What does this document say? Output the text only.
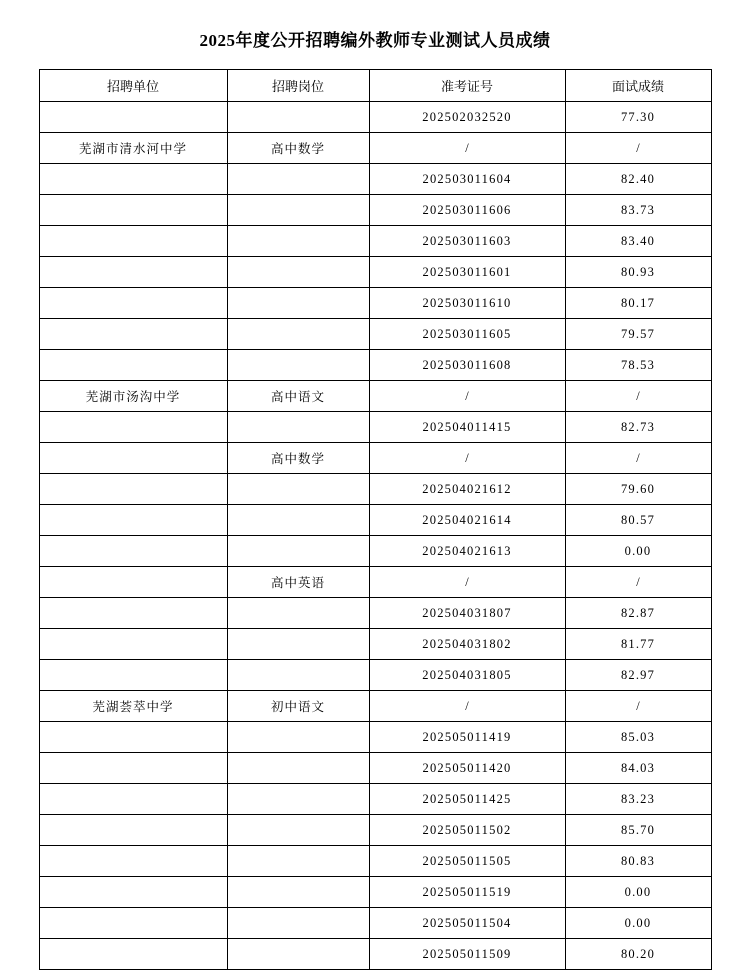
2025年度公开招聘编外教师专业测试人员成绩
招聘单位	招聘岗位	准考证号	面试成绩
		202502032520	77.30
芜湖市清水河中学	高中数学	/	/
		202503011604	82.40
		202503011606	83.73
		202503011603	83.40
		202503011601	80.93
		202503011610	80.17
		202503011605	79.57
		202503011608	78.53
芜湖市汤沟中学	高中语文	/	/
		202504011415	82.73
	高中数学	/	/
		202504021612	79.60
		202504021614	80.57
		202504021613	0.00
	高中英语	/	/
		202504031807	82.87
		202504031802	81.77
		202504031805	82.97
芜湖荟萃中学	初中语文	/	/
		202505011419	85.03
		202505011420	84.03
		202505011425	83.23
		202505011502	85.70
		202505011505	80.83
		202505011519	0.00
		202505011504	0.00
		202505011509	80.20
